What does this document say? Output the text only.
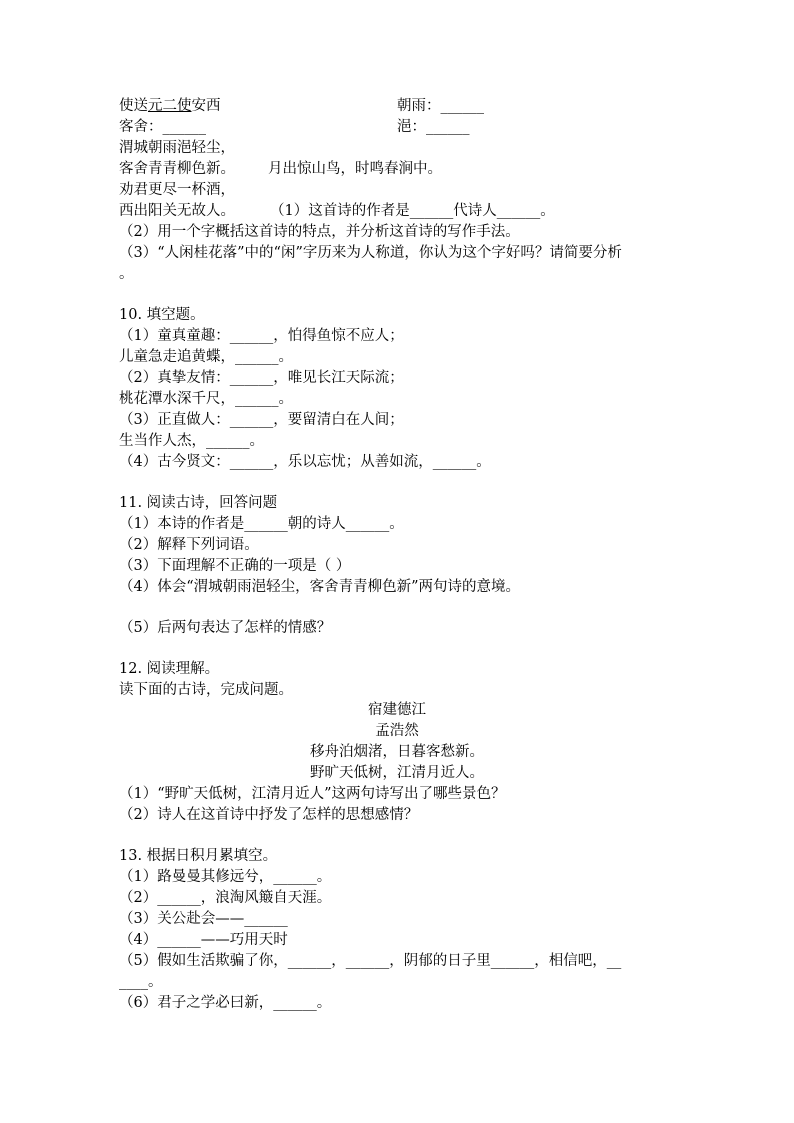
使送元二使安西	朝雨：______
客舍：______	浥：______
渭城朝雨浥轻尘，
客舍青青柳色新。 月出惊山鸟，时鸣春涧中。
劝君更尽一杯酒，
西出阳关无故人。 （1）这首诗的作者是______代诗人______。
（2）用一个字概括这首诗的特点，并分析这首诗的写作手法。
（3）“人闲桂花落”中的“闲”字历来为人称道，你认为这个字好吗？请简要分析
。
10. 填空题。
（1）童真童趣：______，怕得鱼惊不应人；
儿童急走追黄蝶，______。
（2）真挚友情：______，唯见长江天际流；
桃花潭水深千尺，______。
（3）正直做人：______，要留清白在人间；
生当作人杰，______。
（4）古今贤文：______，乐以忘忧；从善如流，______。
11. 阅读古诗，回答问题
（1）本诗的作者是______朝的诗人______。
（2）解释下列词语。
（3）下面理解不正确的一项是（ ）
（4）体会“渭城朝雨浥轻尘，客舍青青柳色新”两句诗的意境。
（5）后两句表达了怎样的情感？
12. 阅读理解。
读下面的古诗，完成问题。
宿建德江
孟浩然
移舟泊烟渚，日暮客愁新。
野旷天低树，江清月近人。
（1）“野旷天低树，江清月近人”这两句诗写出了哪些景色？
（2）诗人在这首诗中抒发了怎样的思想感情？
13. 根据日积月累填空。
（1）路曼曼其修远兮，______。
（2）______，浪淘风簸自天涯。
（3）关公赴会——______
（4）______——巧用天时
（5）假如生活欺骗了你，______，______，阴郁的日子里______，相信吧，__
____。
（6）君子之学必曰新，______。
